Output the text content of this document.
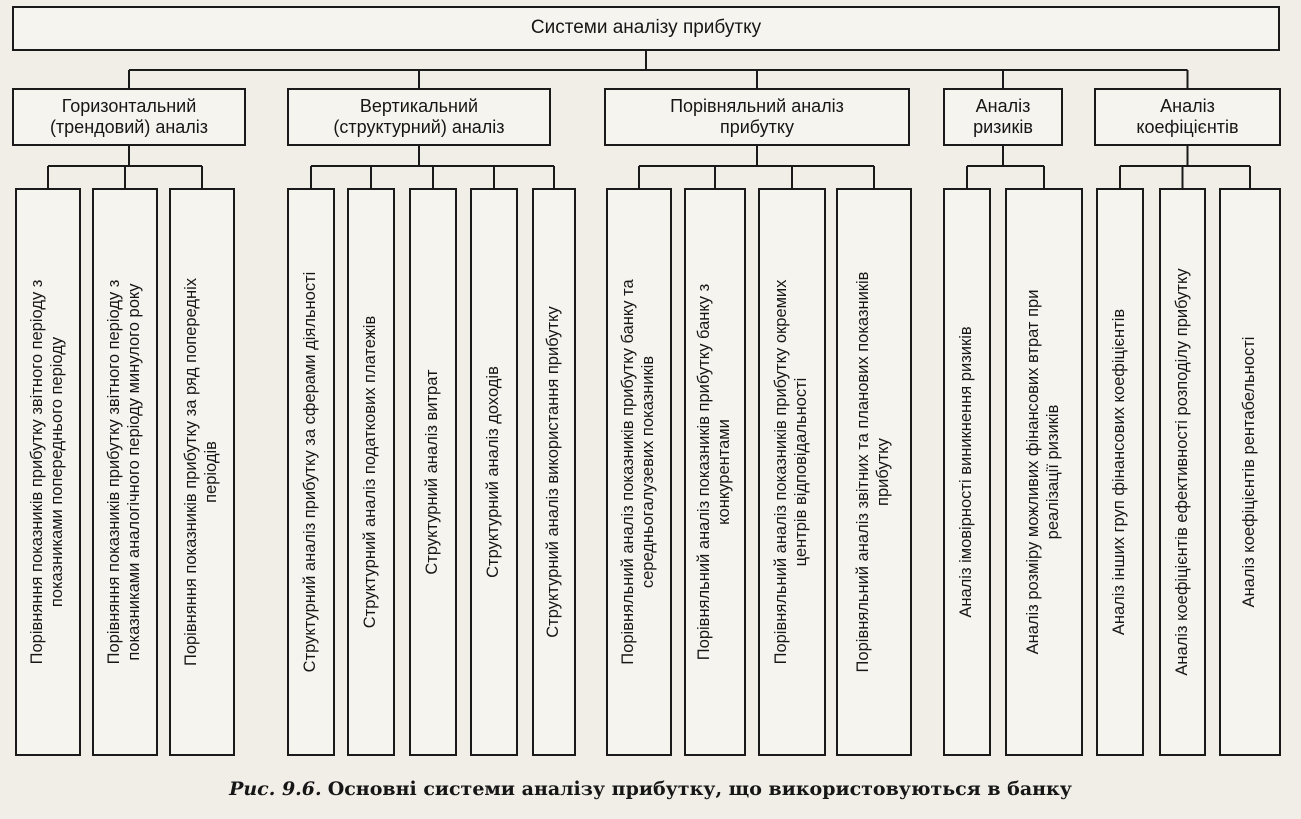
Системи аналізу прибутку
Горизонтальний
(трендовий) аналіз
Порівняння показників прибутку звітного періоду з
показниками попереднього періоду
Порівняння показників прибутку звітного періоду з
показниками аналогічного періоду минулого року
Порівняння показників прибутку за ряд попередніх
періодів
Вертикальний
(структурний) аналіз
Структурний аналіз прибутку за сферами діяльності	Структурний аналіз податкових платежів	Структурний аналіз витрат	Структурний аналіз доходів	Структурний аналіз використання прибутку
Порівняльний аналіз
прибутку
Порівняльний аналіз показників прибутку банку та
середньогалузевих показників
Порівняльний аналіз показників прибутку банку з
конкурентами
Порівняльний аналіз показників прибутку окремих
центрів відповідальності
Порівняльний аналіз звітних та планових показників
прибутку
Аналіз
ризиків
Аналіз імовірності виникнення ризиків
Аналіз розміру можливих фінансових втрат при
реалізації ризиків
Аналіз
коефіцієнтів
Аналіз інших груп фінансових коефіцієнтів	Аналіз коефіцієнтів ефективності розподілу прибутку	Аналіз коефіцієнтів рентабельності
Рис. 9.6. Основні системи аналізу прибутку, що використовуються в банку
